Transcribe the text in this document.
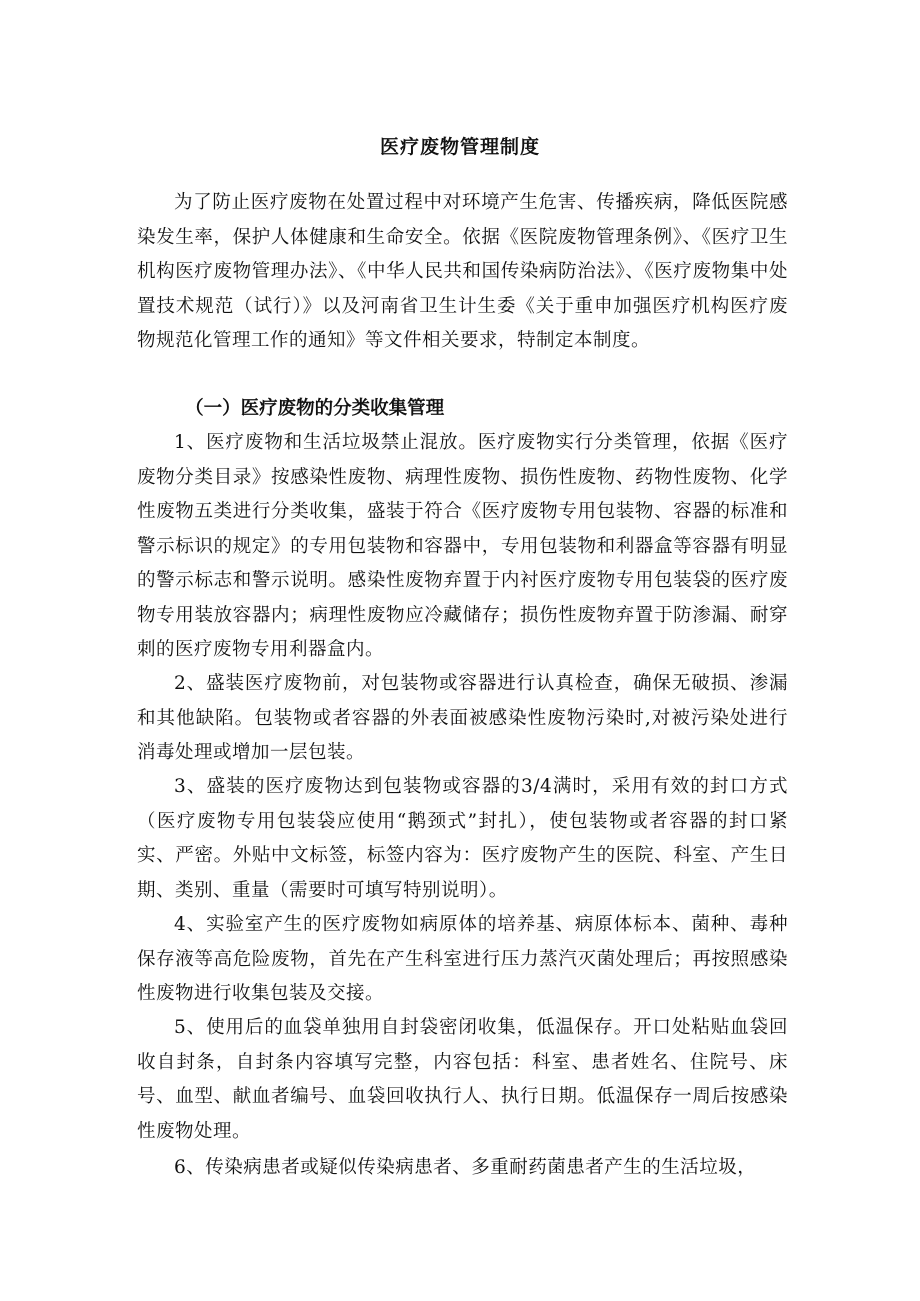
医疗废物管理制度

为了防止医疗废物在处置过程中对环境产生危害、传播疾病，降低医院感染发生率，保护人体健康和生命安全。依据《医院废物管理条例》、《医疗卫生机构医疗废物管理办法》、《中华人民共和国传染病防治法》、《医疗废物集中处置技术规范（试行）》以及河南省卫生计生委《关于重申加强医疗机构医疗废物规范化管理工作的通知》等文件相关要求，特制定本制度。

（一）医疗废物的分类收集管理

1、医疗废物和生活垃圾禁止混放。医疗废物实行分类管理，依据《医疗废物分类目录》按感染性废物、病理性废物、损伤性废物、药物性废物、化学性废物五类进行分类收集，盛装于符合《医疗废物专用包装物、容器的标准和警示标识的规定》的专用包装物和容器中，专用包装物和利器盒等容器有明显的警示标志和警示说明。感染性废物弃置于内衬医疗废物专用包装袋的医疗废物专用装放容器内；病理性废物应冷藏储存；损伤性废物弃置于防渗漏、耐穿刺的医疗废物专用利器盒内。

2、盛装医疗废物前，对包装物或容器进行认真检查，确保无破损、渗漏和其他缺陷。包装物或者容器的外表面被感染性废物污染时,对被污染处进行消毒处理或增加一层包装。

3、盛装的医疗废物达到包装物或容器的3/4满时，采用有效的封口方式（医疗废物专用包装袋应使用“鹅颈式”封扎），使包装物或者容器的封口紧实、严密。外贴中文标签，标签内容为：医疗废物产生的医院、科室、产生日期、类别、重量（需要时可填写特别说明）。

4、实验室产生的医疗废物如病原体的培养基、病原体标本、菌种、毒种保存液等高危险废物，首先在产生科室进行压力蒸汽灭菌处理后；再按照感染性废物进行收集包装及交接。

5、使用后的血袋单独用自封袋密闭收集，低温保存。开口处粘贴血袋回收自封条，自封条内容填写完整，内容包括：科室、患者姓名、住院号、床号、血型、献血者编号、血袋回收执行人、执行日期。低温保存一周后按感染性废物处理。

6、传染病患者或疑似传染病患者、多重耐药菌患者产生的生活垃圾，
